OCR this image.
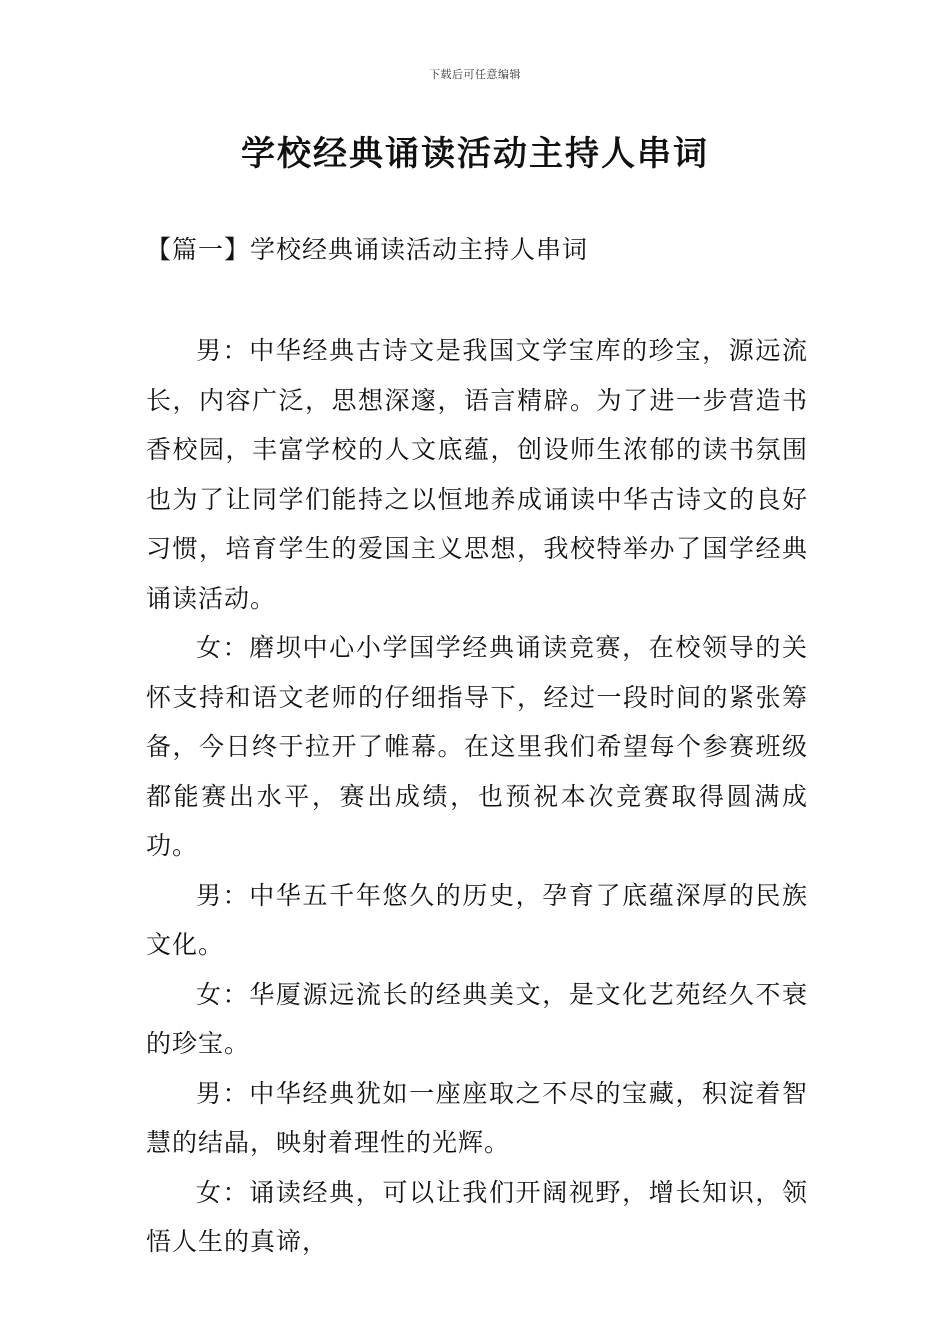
下载后可任意编辑
学校经典诵读活动主持人串词
【篇一】学校经典诵读活动主持人串词

男：中华经典古诗文是我国文学宝库的珍宝，源远流长，内容广泛，思想深邃，语言精辟。为了进一步营造书香校园，丰富学校的人文底蕴，创设师生浓郁的读书氛围也为了让同学们能持之以恒地养成诵读中华古诗文的良好习惯，培育学生的爱国主义思想，我校特举办了国学经典诵读活动。

女：磨坝中心小学国学经典诵读竞赛，在校领导的关怀支持和语文老师的仔细指导下，经过一段时间的紧张筹备，今日终于拉开了帷幕。在这里我们希望每个参赛班级都能赛出水平，赛出成绩，也预祝本次竞赛取得圆满成功。

男：中华五千年悠久的历史，孕育了底蕴深厚的民族文化。

女：华厦源远流长的经典美文，是文化艺苑经久不衰的珍宝。

男：中华经典犹如一座座取之不尽的宝藏，积淀着智慧的结晶，映射着理性的光辉。

女：诵读经典，可以让我们开阔视野，增长知识，领悟人生的真谛，
